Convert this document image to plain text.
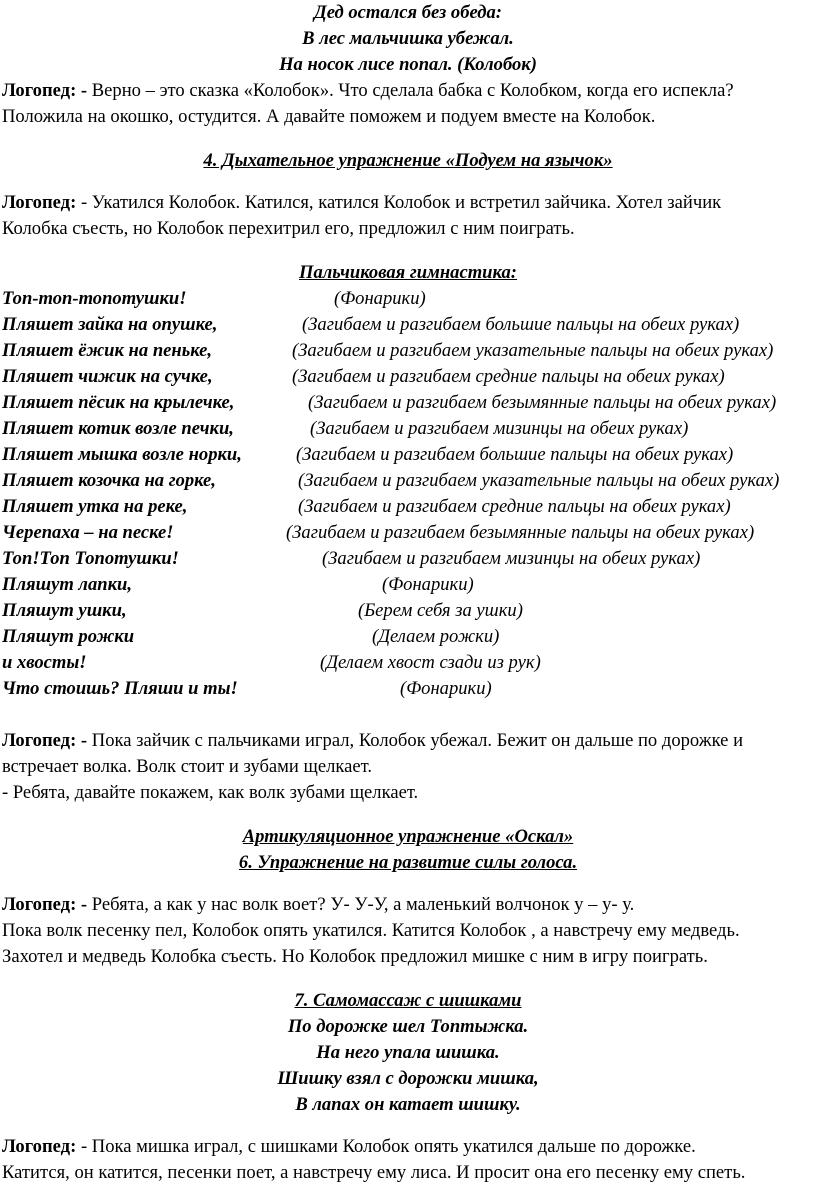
Дед остался без обеда:
В лес мальчишка убежал.
На носок лисе попал. (Колобок)
Логопед: - Верно – это сказка «Колобок». Что сделала бабка с Колобком, когда его испекла?
Положила на окошко, остудится. А давайте поможем и подуем вместе на Колобок.
4. Дыхательное упражнение «Подуем на язычок»
Логопед: - Укатился Колобок. Катился, катился Колобок и встретил зайчика. Хотел зайчик
Колобка съесть, но Колобок перехитрил его, предложил с ним поиграть.
Пальчиковая гимнастика:
Топ-топ-топотушки!	(Фонарики)
Пляшет зайка на опушке,	(Загибаем и разгибаем большие пальцы на обеих руках)
Пляшет ёжик на пеньке,	(Загибаем и разгибаем указательные пальцы на обеих руках)
Пляшет чижик на сучке,	(Загибаем и разгибаем средние пальцы на обеих руках)
Пляшет пёсик на крылечке,	(Загибаем и разгибаем безымянные пальцы на обеих руках)
Пляшет котик возле печки,	(Загибаем и разгибаем мизинцы на обеих руках)
Пляшет мышка возле норки,	(Загибаем и разгибаем большие пальцы на обеих руках)
Пляшет козочка на горке,	(Загибаем и разгибаем указательные пальцы на обеих руках)
Пляшет утка на реке,	(Загибаем и разгибаем средние пальцы на обеих руках)
Черепаха – на песке!	(Загибаем и разгибаем безымянные пальцы на обеих руках)
Топ!Топ Топотушки!	(Загибаем и разгибаем мизинцы на обеих руках)
Пляшут лапки,	(Фонарики)
Пляшут ушки,	(Берем себя за ушки)
Пляшут рожки	(Делаем рожки)
и хвосты!	(Делаем хвост сзади из рук)
Что стоишь? Пляши и ты!	(Фонарики)
Логопед: - Пока зайчик с пальчиками играл, Колобок убежал. Бежит он дальше по дорожке и
встречает волка. Волк стоит и зубами щелкает.
- Ребята, давайте покажем, как волк зубами щелкает.
Артикуляционное упражнение «Оскал»
6. Упражнение на развитие силы голоса.
Логопед: - Ребята, а как у нас волк воет? У- У-У, а маленький волчонок у – у- у.
Пока волк песенку пел, Колобок опять укатился. Катится Колобок , а навстречу ему медведь.
Захотел и медведь Колобка съесть. Но Колобок предложил мишке с ним в игру поиграть.
7. Самомассаж с шишками
По дорожке шел Топтыжка.
На него упала шишка.
Шишку взял с дорожки мишка,
В лапах он катает шишку.
Логопед: - Пока мишка играл, с шишками Колобок опять укатился дальше по дорожке.
Катится, он катится, песенки поет, а навстречу ему лиса. И просит она его песенку ему спеть.
